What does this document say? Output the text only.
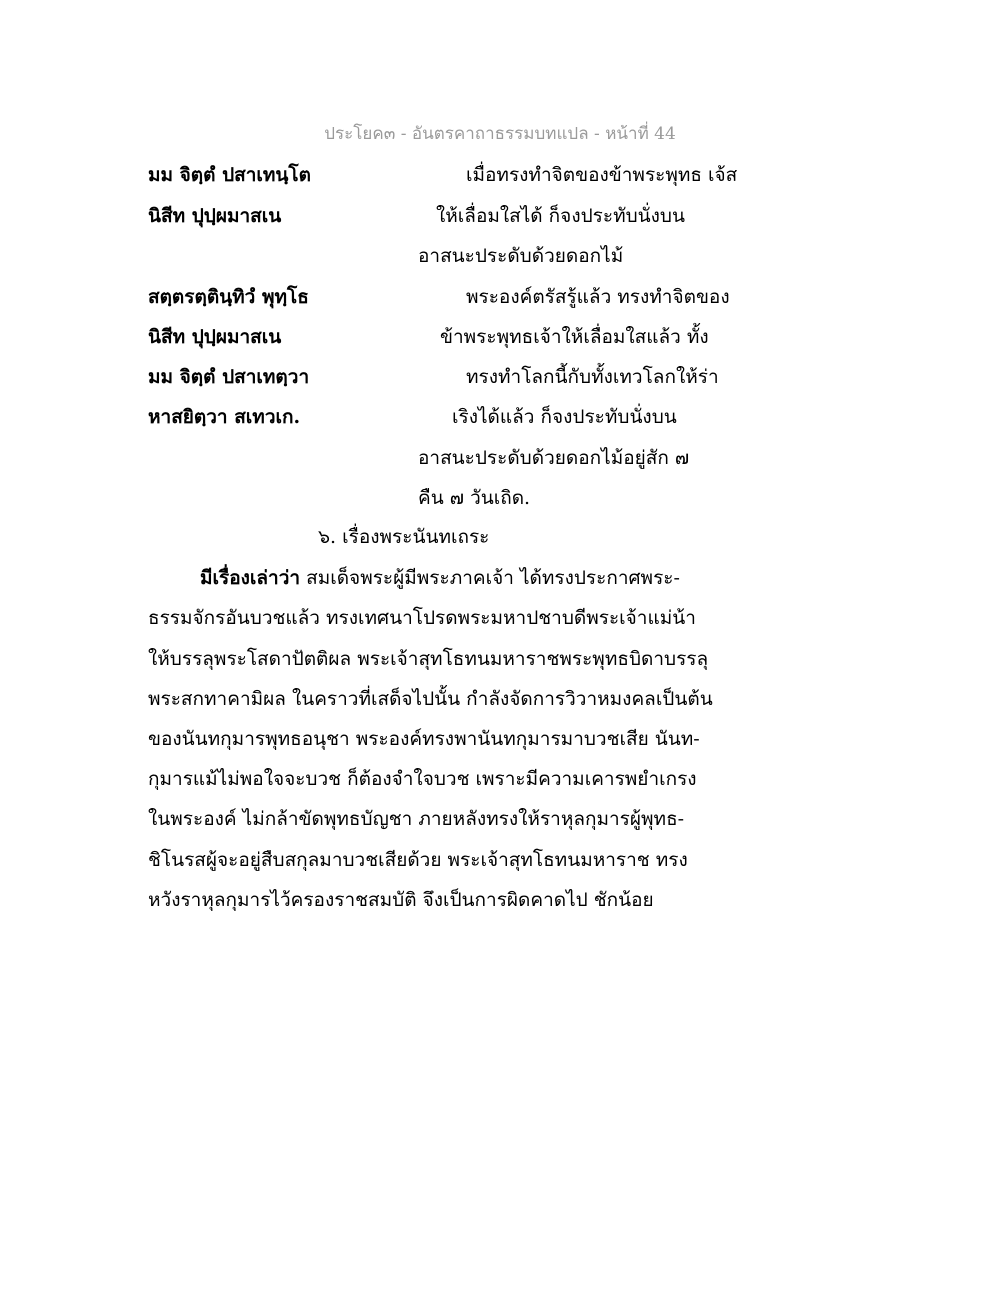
ประโยค๓ - อันตรคาถาธรรมบทแปล - หน้าที่ 44
มม จิตฺตํ ปสาเทนฺโต
นิสีท ปุปฺผมาสเน
สตฺตรตฺตินฺทิวํ พุทฺโธ
นิสีท ปุปฺผมาสเน
มม จิตฺตํ ปสาเทตฺวา
หาสยิตฺวา สเทวเก.
เมื่อทรงทำจิตของข้าพระพุทธ เจ้ส
ให้เลื่อมใสได้ ก็จงประทับนั่งบน
อาสนะประดับด้วยดอกไม้
พระองค์ตรัสรู้แล้ว ทรงทำจิตของ
ข้าพระพุทธเจ้าให้เลื่อมใสแล้ว ทั้ง
ทรงทำโลกนี้กับทั้งเทวโลกให้ร่า
เริงได้แล้ว ก็จงประทับนั่งบน
อาสนะประดับด้วยดอกไม้อยู่สัก ๗
คืน ๗ วันเถิด.
๖. เรื่องพระนันทเถระ
มีเรื่องเล่าว่า สมเด็จพระผู้มีพระภาคเจ้า ได้ทรงประกาศพระ-
ธรรมจักรอันบวชแล้ว ทรงเทศนาโปรดพระมหาปชาบดีพระเจ้าแม่น้า
ให้บรรลุพระโสดาปัตติผล พระเจ้าสุทโธทนมหาราชพระพุทธบิดาบรรลุ
พระสกทาคามิผล ในคราวที่เสด็จไปนั้น กำลังจัดการวิวาหมงคลเป็นต้น
ของนันทกุมารพุทธอนุชา พระองค์ทรงพานันทกุมารมาบวชเสีย นันท-
กุมารแม้ไม่พอใจจะบวช ก็ต้องจำใจบวช เพราะมีความเคารพยำเกรง
ในพระองค์ ไม่กล้าขัดพุทธบัญชา ภายหลังทรงให้ราหุลกุมารผู้พุทธ-
ชิโนรสผู้จะอยู่สืบสกุลมาบวชเสียด้วย พระเจ้าสุทโธทนมหาราช ทรง
หวังราหุลกุมารไว้ครองราชสมบัติ จึงเป็นการผิดคาดไป ชักน้อย
